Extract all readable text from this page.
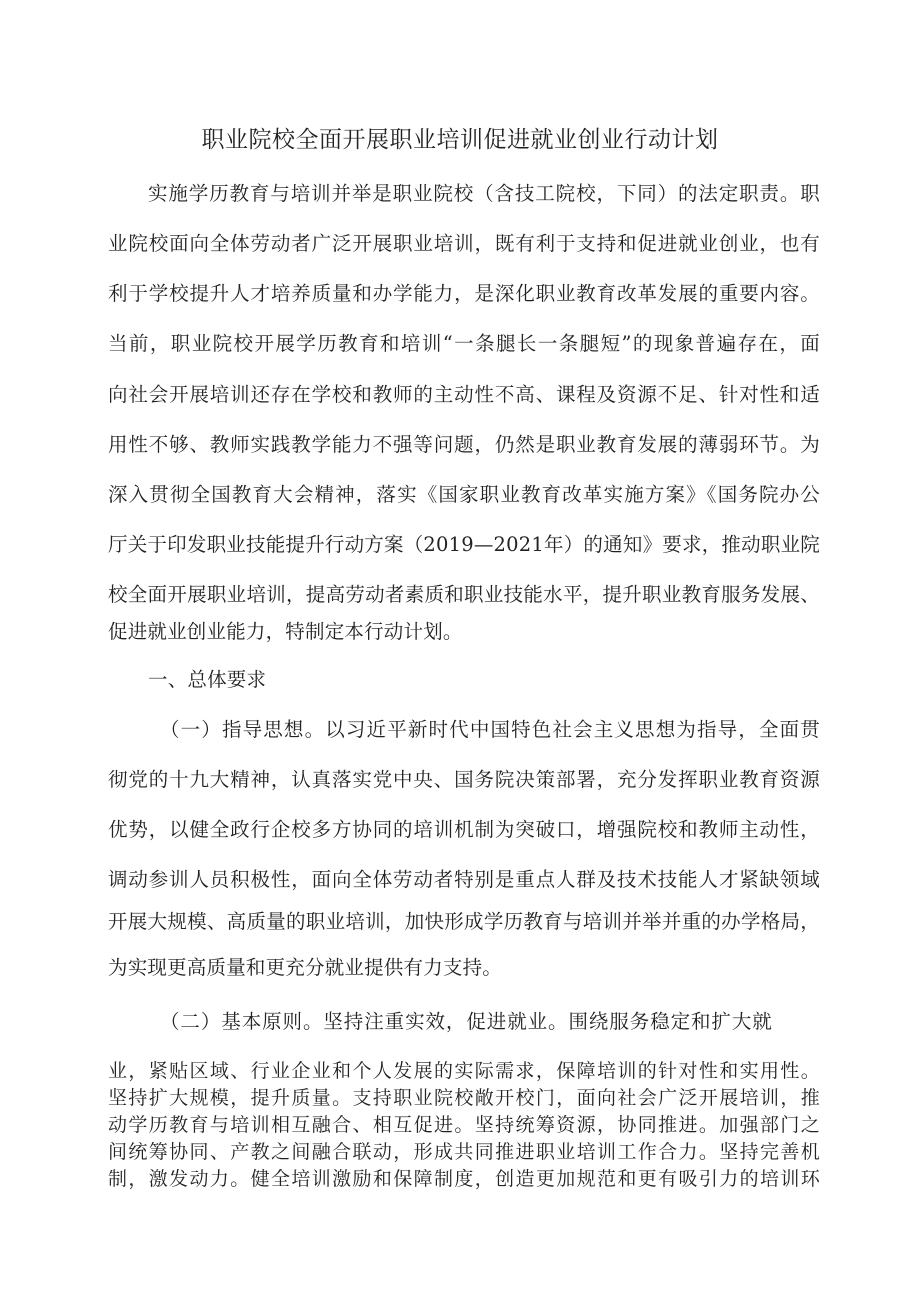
职业院校全面开展职业培训促进就业创业行动计划
实施学历教育与培训并举是职业院校（含技工院校，下同）的法定职责。职
业院校面向全体劳动者广泛开展职业培训，既有利于支持和促进就业创业，也有
利于学校提升人才培养质量和办学能力，是深化职业教育改革发展的重要内容。
当前，职业院校开展学历教育和培训“一条腿长一条腿短”的现象普遍存在，面
向社会开展培训还存在学校和教师的主动性不高、课程及资源不足、针对性和适
用性不够、教师实践教学能力不强等问题，仍然是职业教育发展的薄弱环节。为
深入贯彻全国教育大会精神，落实《国家职业教育改革实施方案》《国务院办公
厅关于印发职业技能提升行动方案（2019—2021年）的通知》要求，推动职业院
校全面开展职业培训，提高劳动者素质和职业技能水平，提升职业教育服务发展、
促进就业创业能力，特制定本行动计划。
一、总体要求
（一）指导思想。以习近平新时代中国特色社会主义思想为指导，全面贯
彻党的十九大精神，认真落实党中央、国务院决策部署，充分发挥职业教育资源
优势，以健全政行企校多方协同的培训机制为突破口，增强院校和教师主动性，
调动参训人员积极性，面向全体劳动者特别是重点人群及技术技能人才紧缺领域
开展大规模、高质量的职业培训，加快形成学历教育与培训并举并重的办学格局，
为实现更高质量和更充分就业提供有力支持。
（二）基本原则。坚持注重实效，促进就业。围绕服务稳定和扩大就
业，紧贴区域、行业企业和个人发展的实际需求，保障培训的针对性和实用性。
坚持扩大规模，提升质量。支持职业院校敞开校门，面向社会广泛开展培训，推
动学历教育与培训相互融合、相互促进。坚持统筹资源，协同推进。加强部门之
间统筹协同、产教之间融合联动，形成共同推进职业培训工作合力。坚持完善机
制，激发动力。健全培训激励和保障制度，创造更加规范和更有吸引力的培训环
